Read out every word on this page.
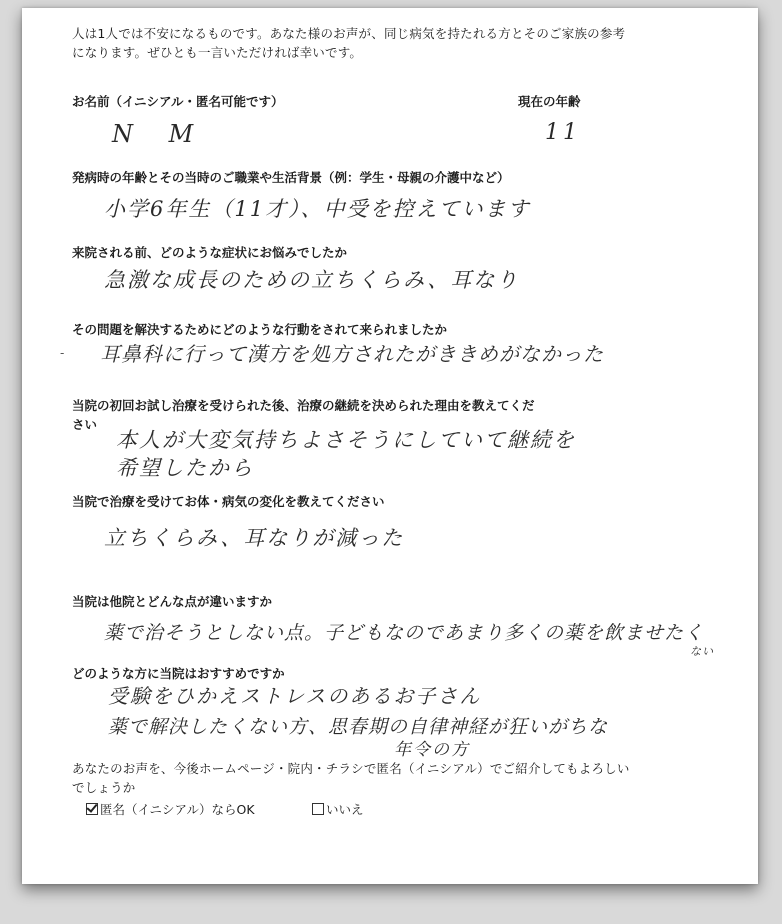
人は1人では不安になるものです。あなた様のお声が、同じ病気を持たれる方とそのご家族の参考
になります。ぜひとも一言いただければ幸いです。
お名前（イニシアル・匿名可能です）	現在の年齢
N M	11
発病時の年齢とその当時のご職業や生活背景（例：学生・母親の介護中など）
小学6年生（11才）、中受を控えています
来院される前、どのような症状にお悩みでしたか
急激な成長のための立ちくらみ、耳なり
その問題を解決するためにどのような行動をされて来られましたか
- 耳鼻科に行って漢方を処方されたがききめがなかった
当院の初回お試し治療を受けられた後、治療の継続を決められた理由を教えてくだ
さい
本人が大変気持ちよさそうにしていて継続を
希望したから
当院で治療を受けてお体・病気の変化を教えてください
立ちくらみ、耳なりが減った
当院は他院とどんな点が違いますか
薬で治そうとしない点。子どもなのであまり多くの薬を飲ませたく
ない
どのような方に当院はおすすめですか
受験をひかえストレスのあるお子さん
薬で解決したくない方、思春期の自律神経が狂いがちな
年令の方
あなたのお声を、今後ホームページ・院内・チラシで匿名（イニシアル）でご紹介してもよろしい
でしょうか
匿名（イニシアル）ならOK	いいえ
